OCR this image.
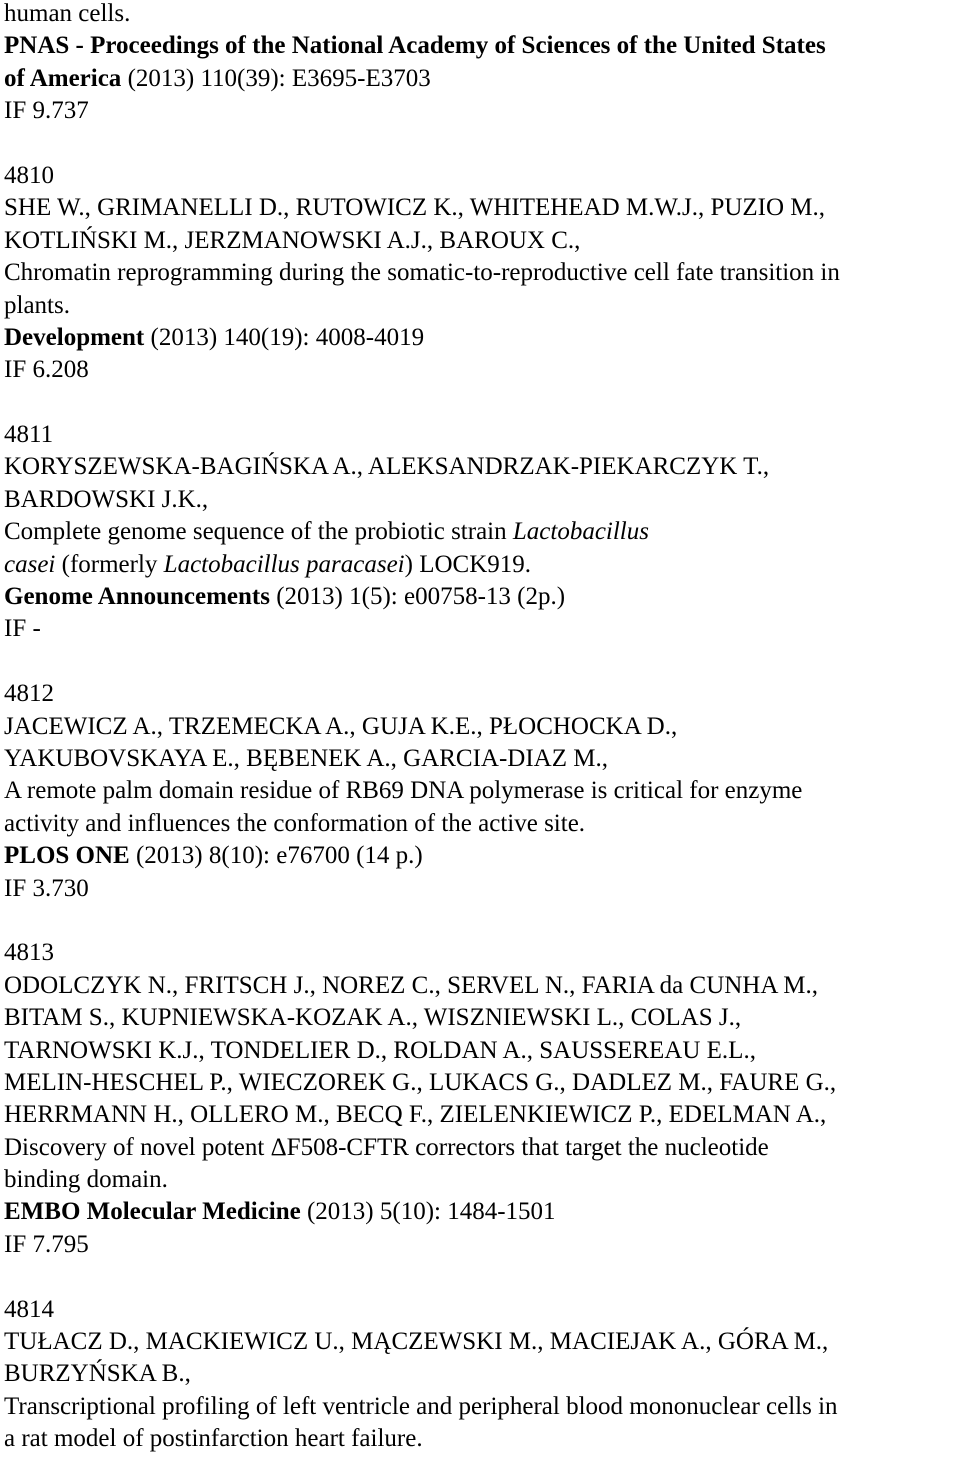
human cells.
PNAS - Proceedings of the National Academy of Sciences of the United States
of America (2013) 110(39): E3695-E3703
IF 9.737
4810
SHE W., GRIMANELLI D., RUTOWICZ K., WHITEHEAD M.W.J., PUZIO M.,
KOTLIŃSKI M., JERZMANOWSKI A.J., BAROUX C.,
Chromatin reprogramming during the somatic-to-reproductive cell fate transition in
plants.
Development (2013) 140(19): 4008-4019
IF 6.208
4811
KORYSZEWSKA-BAGIŃSKA A., ALEKSANDRZAK-PIEKARCZYK T.,
BARDOWSKI J.K.,
Complete genome sequence of the probiotic strain Lactobacillus
casei (formerly Lactobacillus paracasei) LOCK919.
Genome Announcements (2013) 1(5): e00758-13 (2p.)
IF -
4812
JACEWICZ A., TRZEMECKA A., GUJA K.E., PŁOCHOCKA D.,
YAKUBOVSKAYA E., BĘBENEK A., GARCIA-DIAZ M.,
A remote palm domain residue of RB69 DNA polymerase is critical for enzyme
activity and influences the conformation of the active site.
PLOS ONE (2013) 8(10): e76700 (14 p.)
IF 3.730
4813
ODOLCZYK N., FRITSCH J., NOREZ C., SERVEL N., FARIA da CUNHA M.,
BITAM S., KUPNIEWSKA-KOZAK A., WISZNIEWSKI L., COLAS J.,
TARNOWSKI K.J., TONDELIER D., ROLDAN A., SAUSSEREAU E.L.,
MELIN-HESCHEL P., WIECZOREK G., LUKACS G., DADLEZ M., FAURE G.,
HERRMANN H., OLLERO M., BECQ F., ZIELENKIEWICZ P., EDELMAN A.,
Discovery of novel potent ΔF508-CFTR correctors that target the nucleotide
binding domain.
EMBO Molecular Medicine (2013) 5(10): 1484-1501
IF 7.795
4814
TUŁACZ D., MACKIEWICZ U., MĄCZEWSKI M., MACIEJAK A., GÓRA M.,
BURZYŃSKA B.,
Transcriptional profiling of left ventricle and peripheral blood mononuclear cells in
a rat model of postinfarction heart failure.
